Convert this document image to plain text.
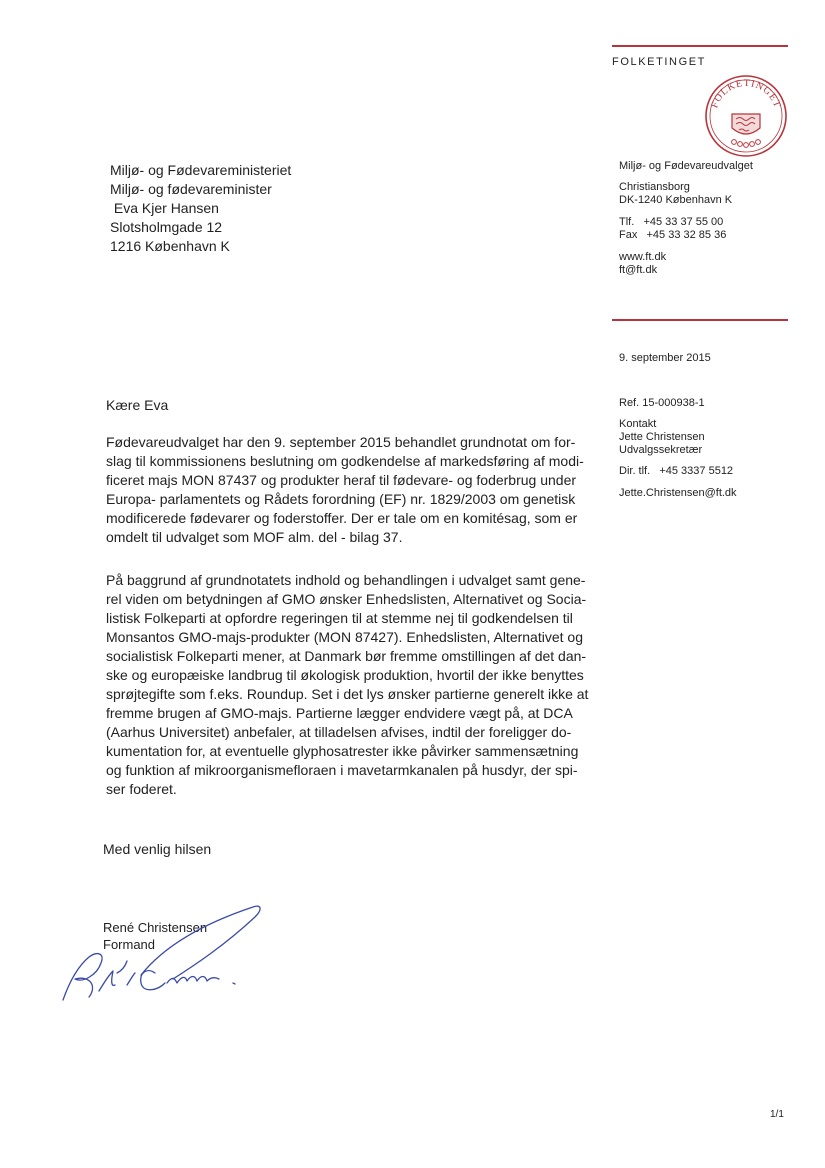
FOLKETINGET
FOLKETINGET
Miljø- og Fødevareministeriet
Miljø- og fødevareminister
Eva Kjer Hansen
Slotsholmgade 12
1216 København K
Miljø- og Fødevareudvalget
Christiansborg
DK-1240 København K
Tlf.   +45 33 37 55 00
Fax   +45 33 32 85 36
www.ft.dk
ft@ft.dk
9. september 2015
Ref. 15-000938-1
Kontakt
Jette Christensen
Udvalgssekretær
Dir. tlf.   +45 3337 5512
Jette.Christensen@ft.dk
Kære Eva
Fødevareudvalget har den 9. september 2015 behandlet grundnotat om for-
slag til kommissionens beslutning om godkendelse af markedsføring af modi-
ficeret majs MON 87437 og produkter heraf til fødevare- og foderbrug under
Europa- parlamentets og Rådets forordning (EF) nr. 1829/2003 om genetisk
modificerede fødevarer og foderstoffer. Der er tale om en komitésag, som er
omdelt til udvalget som MOF alm. del - bilag 37.
På baggrund af grundnotatets indhold og behandlingen i udvalget samt gene-
rel viden om betydningen af GMO ønsker Enhedslisten, Alternativet og Socia-
listisk Folkeparti at opfordre regeringen til at stemme nej til godkendelsen til
Monsantos GMO-majs-produkter (MON 87427). Enhedslisten, Alternativet og
socialistisk Folkeparti mener, at Danmark bør fremme omstillingen af det dan-
ske og europæiske landbrug til økologisk produktion, hvortil der ikke benyttes
sprøjtegifte som f.eks. Roundup. Set i det lys ønsker partierne generelt ikke at
fremme brugen af GMO-majs. Partierne lægger endvidere vægt på, at DCA
(Aarhus Universitet) anbefaler, at tilladelsen afvises, indtil der foreligger do-
kumentation for, at eventuelle glyphosatrester ikke påvirker sammensætning
og funktion af mikroorganismefloraen i mavetarmkanalen på husdyr, der spi-
ser foderet.
Med venlig hilsen
René Christensen
Formand
1/1
